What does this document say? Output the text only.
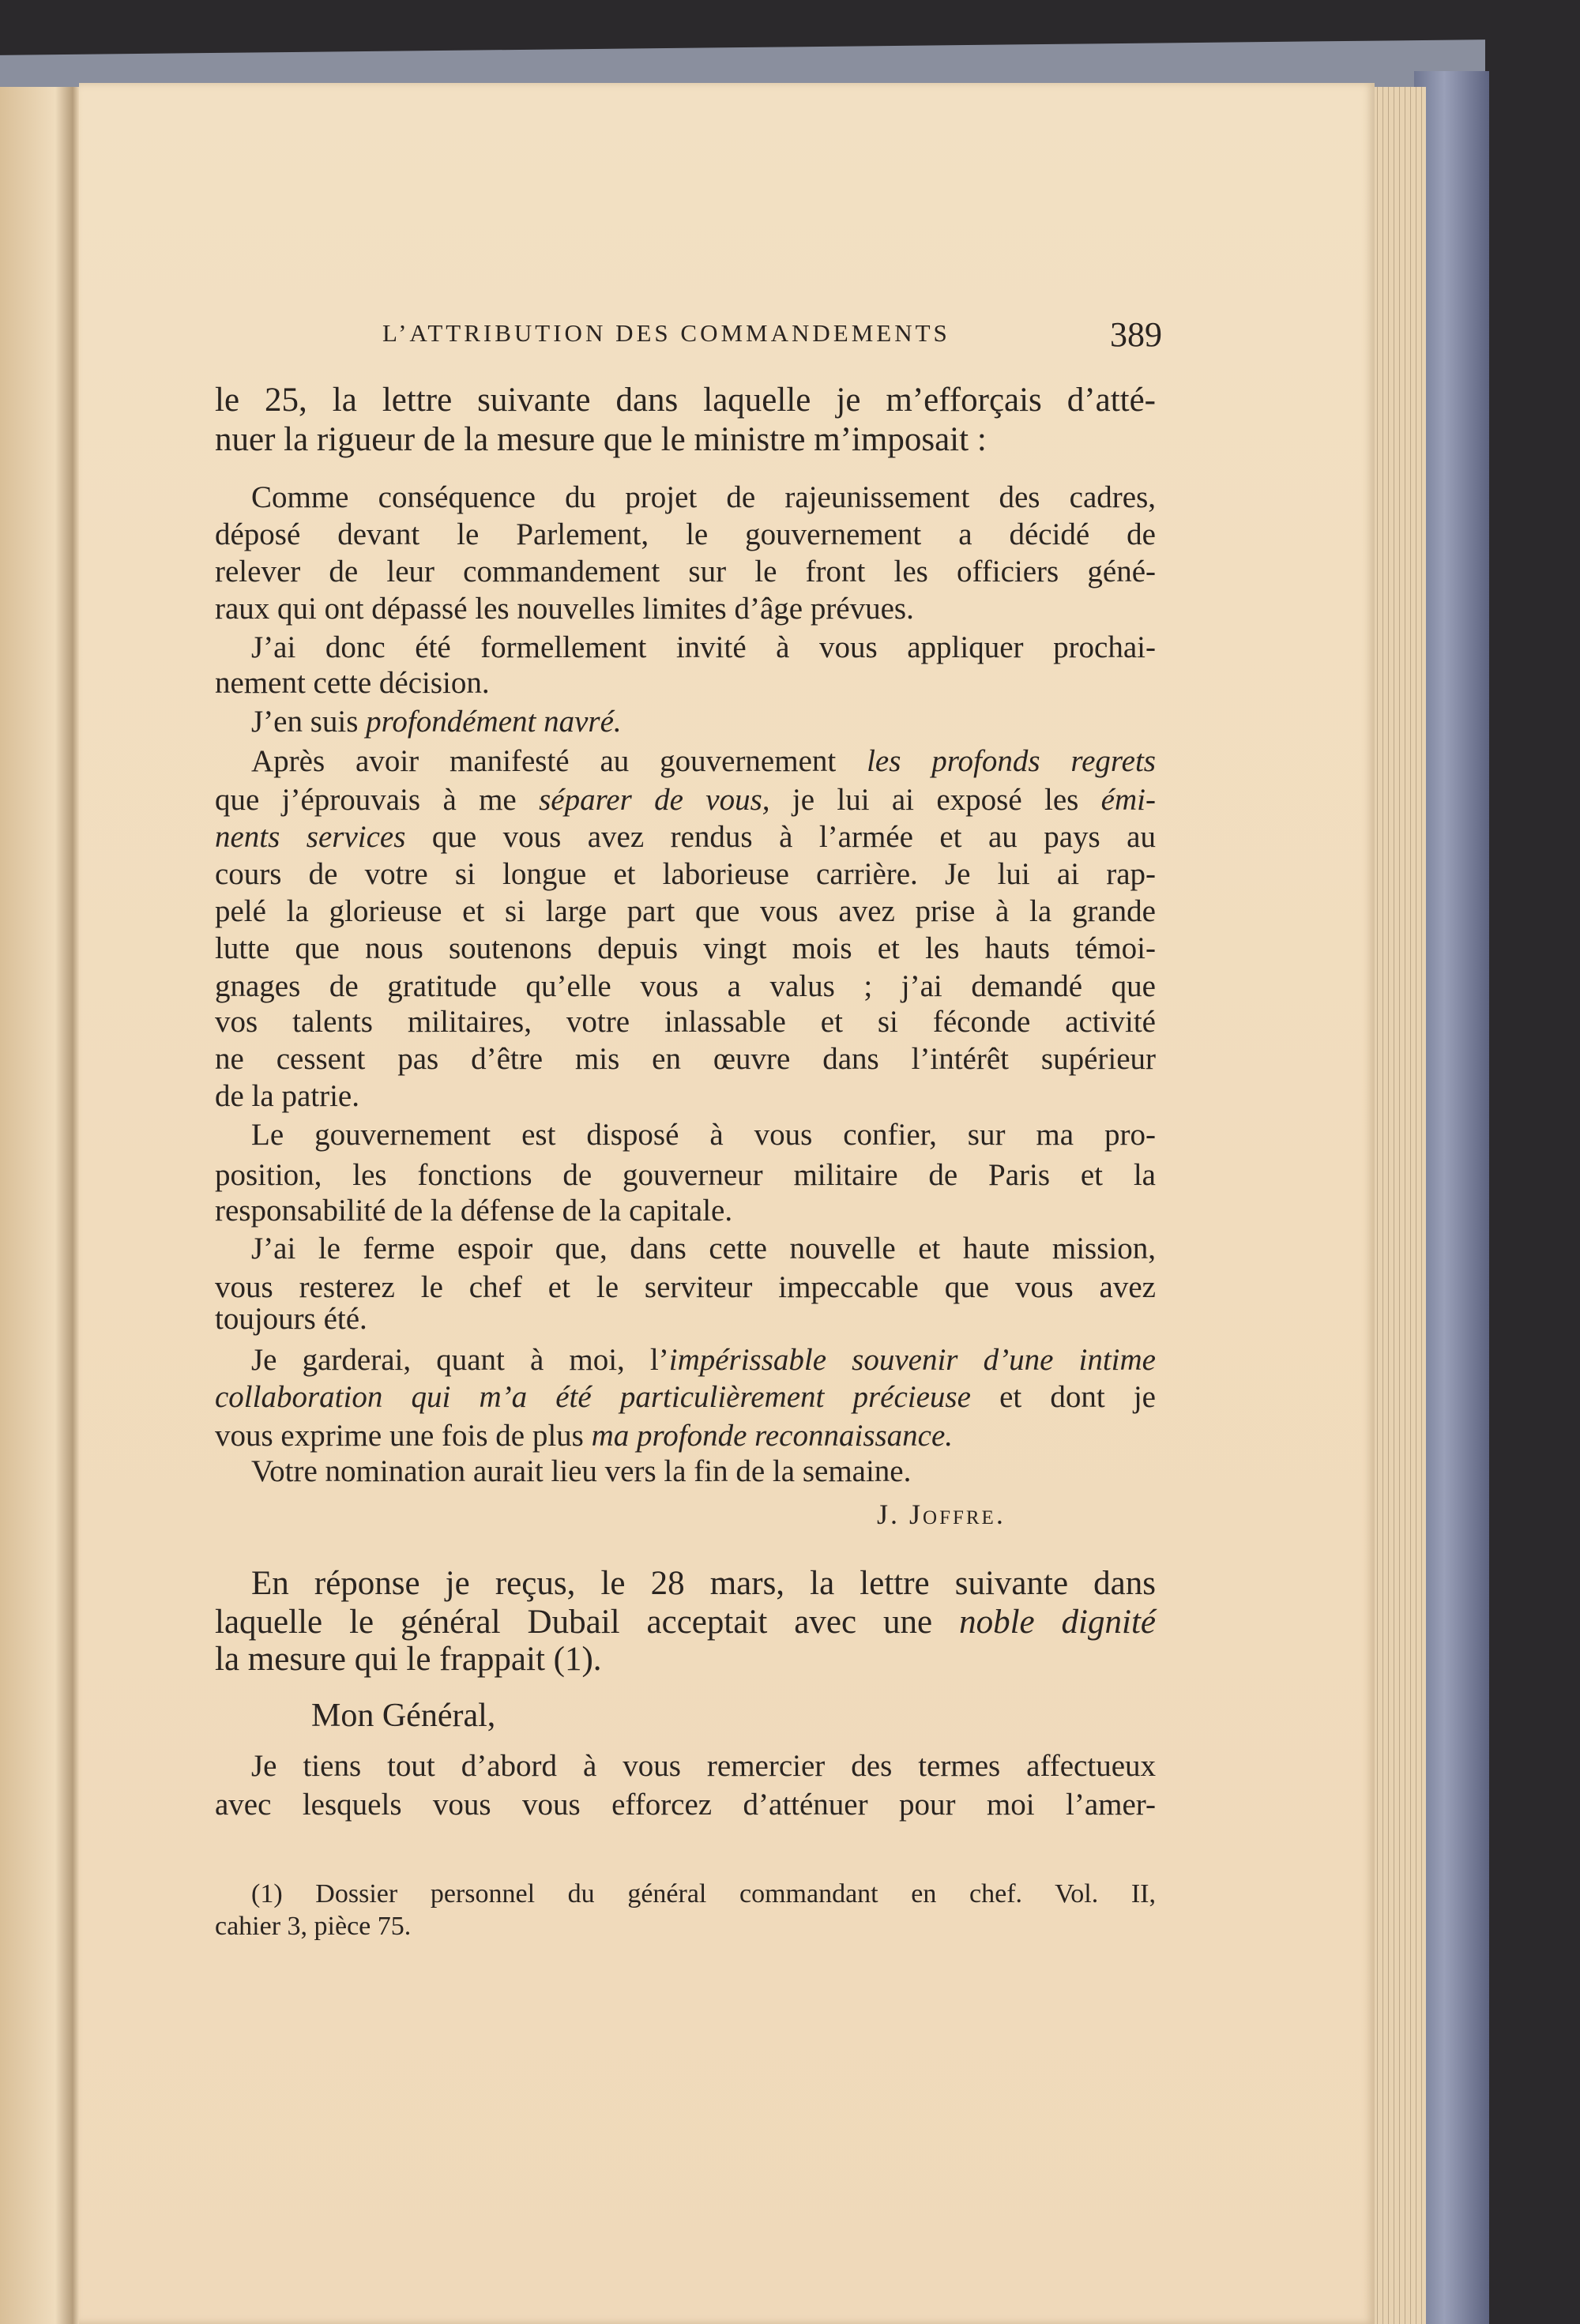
L’ATTRIBUTION DES COMMANDEMENTS	389
le 25, la lettre suivante dans laquelle je m’efforçais d’atté-
nuer la rigueur de la mesure que le ministre m’imposait :
Comme conséquence du projet de rajeunissement des cadres,
déposé devant le Parlement, le gouvernement a décidé de
relever de leur commandement sur le front les officiers géné-
raux qui ont dépassé les nouvelles limites d’âge prévues.
J’ai donc été formellement invité à vous appliquer prochai-
nement cette décision.
J’en suis profondément navré.
Après avoir manifesté au gouvernement les profonds regrets
que j’éprouvais à me séparer de vous, je lui ai exposé les émi-
nents services que vous avez rendus à l’armée et au pays au
cours de votre si longue et laborieuse carrière. Je lui ai rap-
pelé la glorieuse et si large part que vous avez prise à la grande
lutte que nous soutenons depuis vingt mois et les hauts témoi-
gnages de gratitude qu’elle vous a valus ; j’ai demandé que
vos talents militaires, votre inlassable et si féconde activité
ne cessent pas d’être mis en œuvre dans l’intérêt supérieur
de la patrie.
Le gouvernement est disposé à vous confier, sur ma pro-
position, les fonctions de gouverneur militaire de Paris et la
responsabilité de la défense de la capitale.
J’ai le ferme espoir que, dans cette nouvelle et haute mission,
vous resterez le chef et le serviteur impeccable que vous avez
toujours été.
Je garderai, quant à moi, l’impérissable souvenir d’une intime
collaboration qui m’a été particulièrement précieuse et dont je
vous exprime une fois de plus ma profonde reconnaissance.
Votre nomination aurait lieu vers la fin de la semaine.
En réponse je reçus, le 28 mars, la lettre suivante dans
laquelle le général Dubail acceptait avec une noble dignité
la mesure qui le frappait (1).
Je tiens tout d’abord à vous remercier des termes affectueux
avec lesquels vous vous efforcez d’atténuer pour moi l’amer-
(1) Dossier personnel du général commandant en chef. Vol. II,
cahier 3, pièce 75.
J. Joffre.
Mon Général,
